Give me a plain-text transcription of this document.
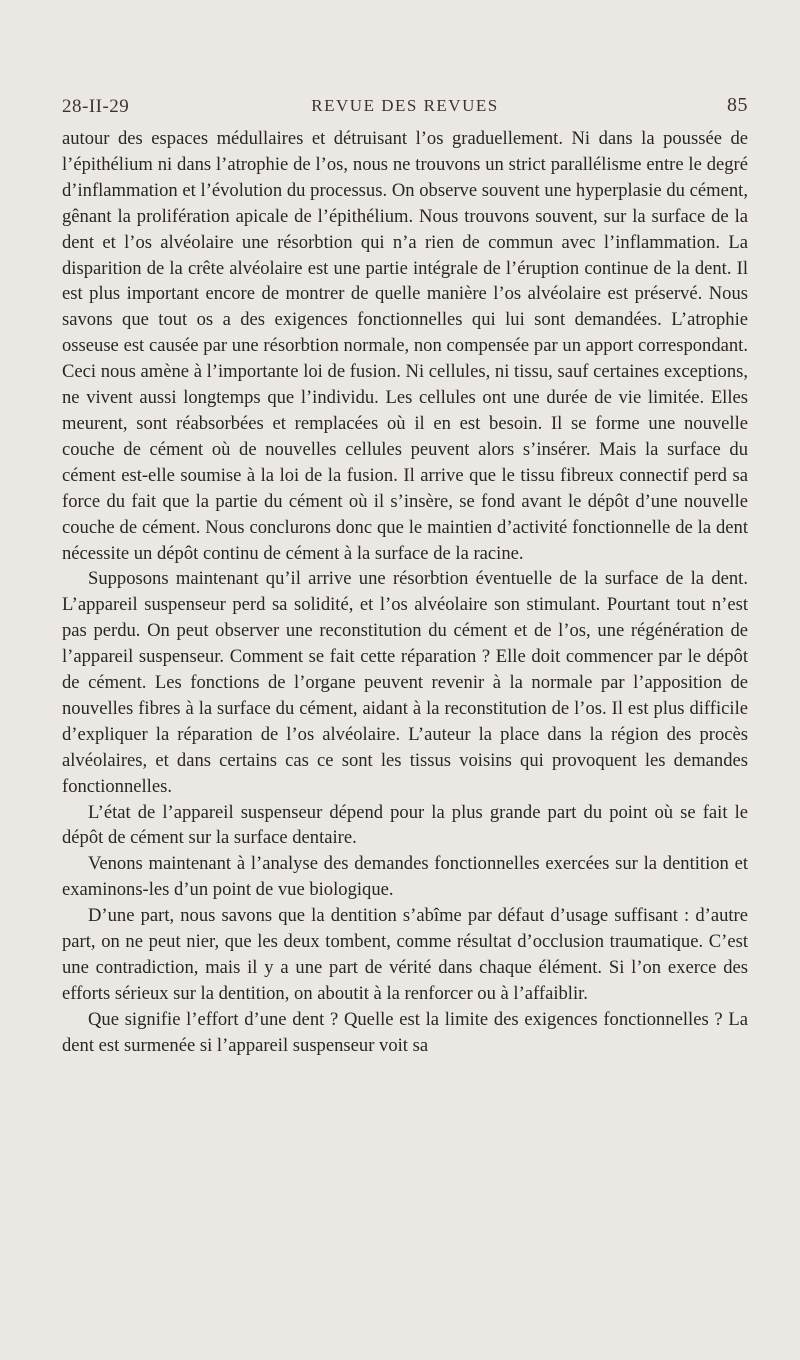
28-II-29	REVUE DES REVUES	85

autour des espaces médullaires et détruisant l’os graduellement. Ni dans la poussée de l’épithélium ni dans l’atrophie de l’os, nous ne trouvons un strict parallélisme entre le degré d’inflammation et l’évolution du processus. On observe souvent une hyperplasie du cément, gênant la prolifération apicale de l’épithélium. Nous trouvons souvent, sur la surface de la dent et l’os alvéolaire une résorbtion qui n’a rien de commun avec l’inflammation. La disparition de la crête alvéolaire est une partie intégrale de l’éruption continue de la dent. Il est plus important encore de montrer de quelle manière l’os alvéolaire est préservé. Nous savons que tout os a des exigences fonctionnelles qui lui sont demandées. L’atrophie osseuse est causée par une résorbtion normale, non compensée par un apport correspondant. Ceci nous amène à l’importante loi de fusion. Ni cellules, ni tissu, sauf certaines exceptions, ne vivent aussi longtemps que l’individu. Les cellules ont une durée de vie limitée. Elles meurent, sont réabsorbées et remplacées où il en est besoin. Il se forme une nouvelle couche de cément où de nouvelles cellules peuvent alors s’insérer. Mais la surface du cément est-elle soumise à la loi de la fusion. Il arrive que le tissu fibreux connectif perd sa force du fait que la partie du cément où il s’insère, se fond avant le dépôt d’une nouvelle couche de cément. Nous conclurons donc que le maintien d’activité fonctionnelle de la dent nécessite un dépôt continu de cément à la surface de la racine.

Supposons maintenant qu’il arrive une résorbtion éventuelle de la surface de la dent. L’appareil suspenseur perd sa solidité, et l’os alvéolaire son stimulant. Pourtant tout n’est pas perdu. On peut observer une reconstitution du cément et de l’os, une régénération de l’appareil suspenseur. Comment se fait cette réparation ? Elle doit commencer par le dépôt de cément. Les fonctions de l’organe peuvent revenir à la normale par l’apposition de nouvelles fibres à la surface du cément, aidant à la reconstitution de l’os. Il est plus difficile d’expliquer la réparation de l’os alvéolaire. L’auteur la place dans la région des procès alvéolaires, et dans certains cas ce sont les tissus voisins qui provoquent les demandes fonctionnelles.

L’état de l’appareil suspenseur dépend pour la plus grande part du point où se fait le dépôt de cément sur la surface dentaire.

Venons maintenant à l’analyse des demandes fonctionnelles exercées sur la dentition et examinons-les d’un point de vue biologique.

D’une part, nous savons que la dentition s’abîme par défaut d’usage suffisant : d’autre part, on ne peut nier, que les deux tombent, comme résultat d’occlusion traumatique. C’est une contradiction, mais il y a une part de vérité dans chaque élément. Si l’on exerce des efforts sérieux sur la dentition, on aboutit à la renforcer ou à l’affaiblir.

Que signifie l’effort d’une dent ? Quelle est la limite des exigences fonctionnelles ? La dent est surmenée si l’appareil suspenseur voit sa
